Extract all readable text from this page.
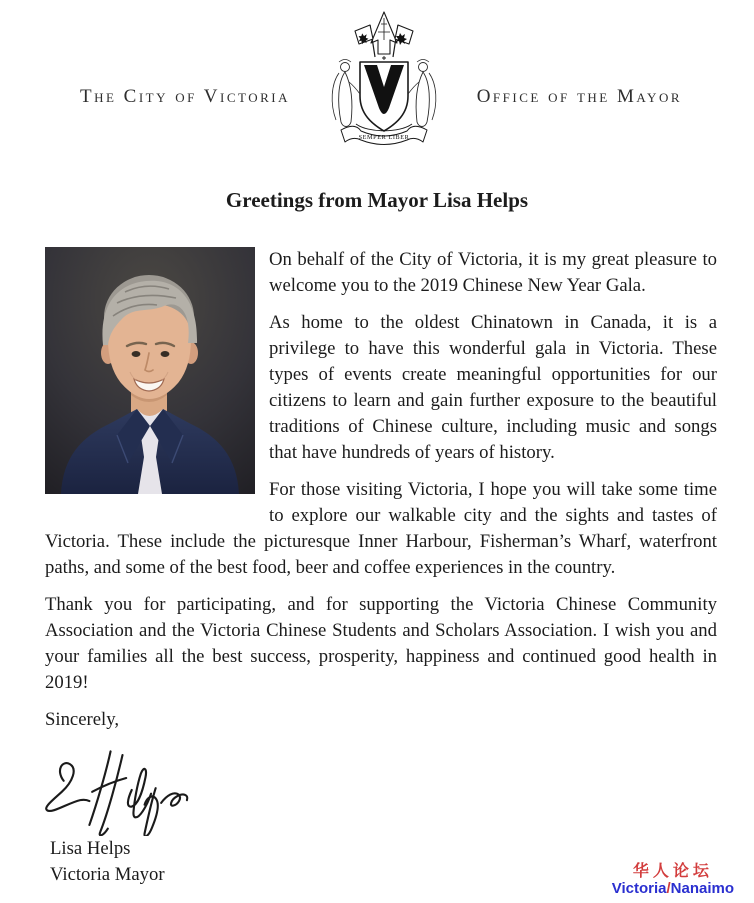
The City of Victoria
SEMPER LIBER
Office of the Mayor
Greetings from Mayor Lisa Helps

On behalf of the City of Victoria, it is my great pleasure to welcome you to the 2019 Chinese New Year Gala.

As home to the oldest Chinatown in Canada, it is a privilege to have this wonderful gala in Victoria. These types of events create meaningful opportunities for our citizens to learn and gain further exposure to the beautiful traditions of Chinese culture, including music and songs that have hundreds of years of history.

For those visiting Victoria, I hope you will take some time to explore our walkable city and the sights and tastes of Victoria. These include the picturesque Inner Harbour, Fisherman’s Wharf, waterfront paths, and some of the best food, beer and coffee experiences in the country.

Thank you for participating, and for supporting the Victoria Chinese Community Association and the Victoria Chinese Students and Scholars Association. I wish you and your families all the best success, prosperity, happiness and continued good health in 2019!

Sincerely,

Lisa Helps
Victoria Mayor	华人论坛
Victoria/Nanaimo
